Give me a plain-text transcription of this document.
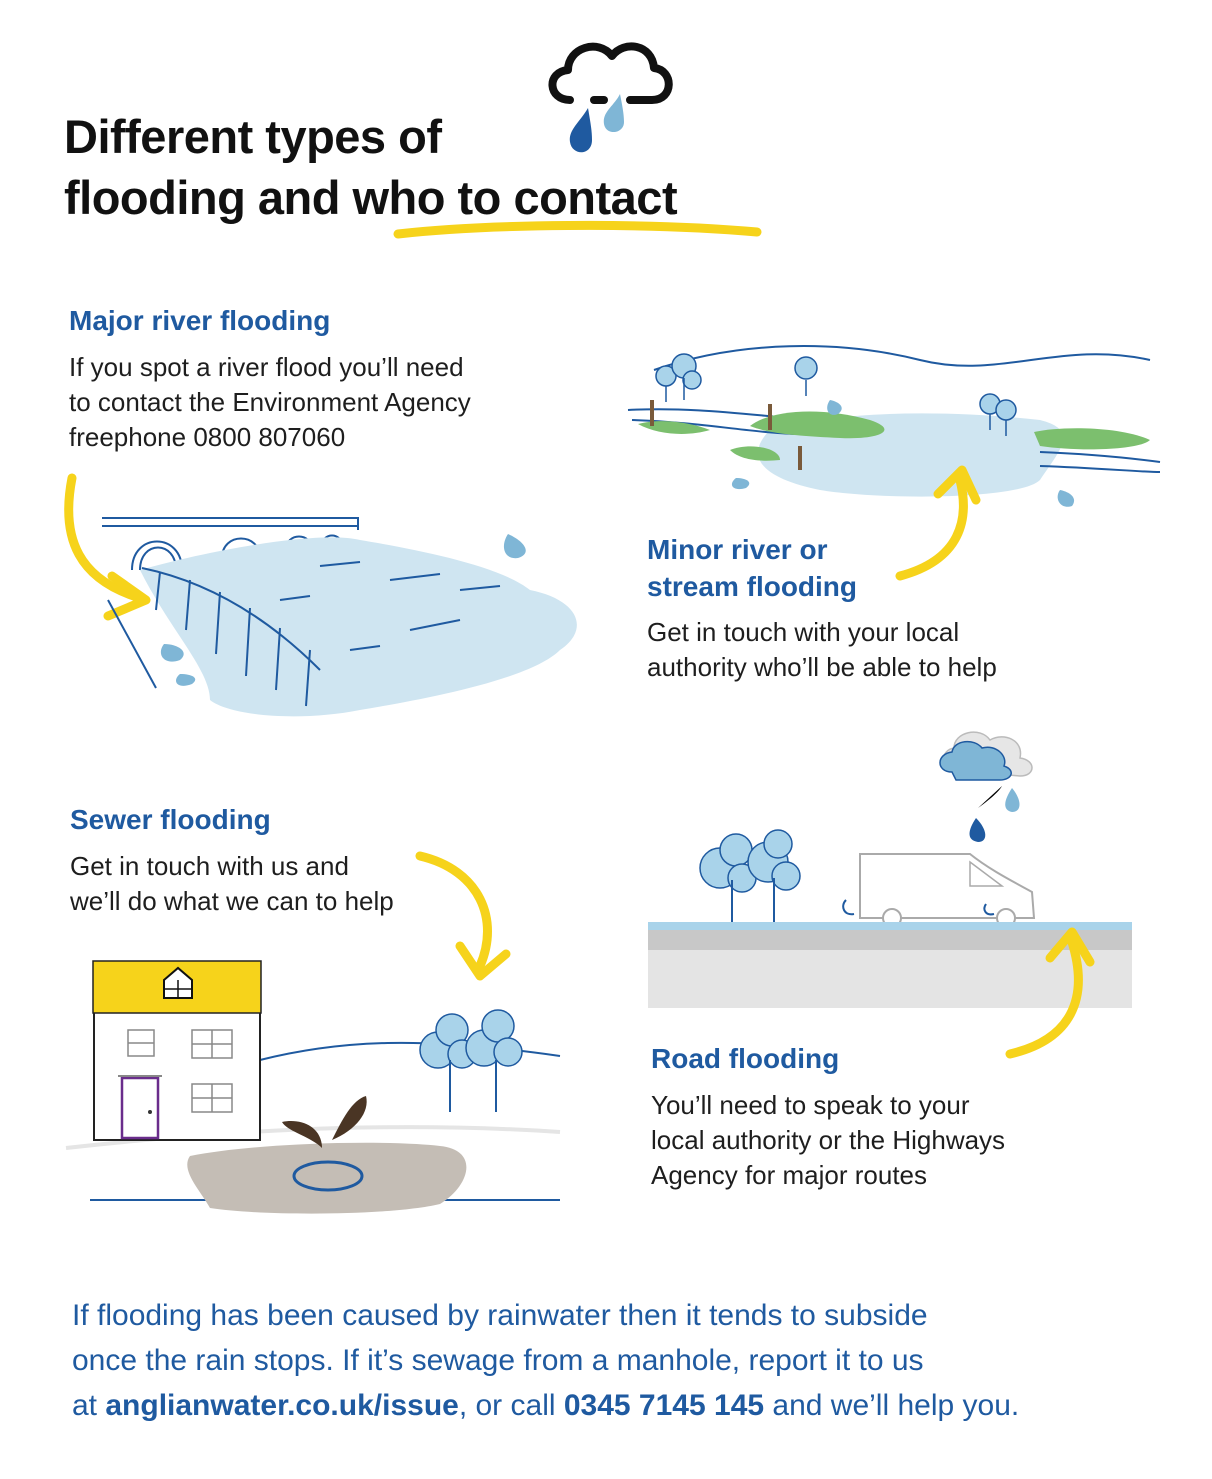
Different types of
flooding and who to contact
Major river flooding
If you spot a river flood you’ll need
to contact the Environment Agency
freephone 0800 807060
Minor river or
stream flooding
Get in touch with your local
authority who’ll be able to help
Sewer flooding
Get in touch with us and
we’ll do what we can to help
Road flooding
You’ll need to speak to your
local authority or the Highways
Agency for major routes
If flooding has been caused by rainwater then it tends to subside
once the rain stops. If it’s sewage from a manhole, report it to us
at anglianwater.co.uk/issue, or call 0345 7145 145 and we’ll help you.
